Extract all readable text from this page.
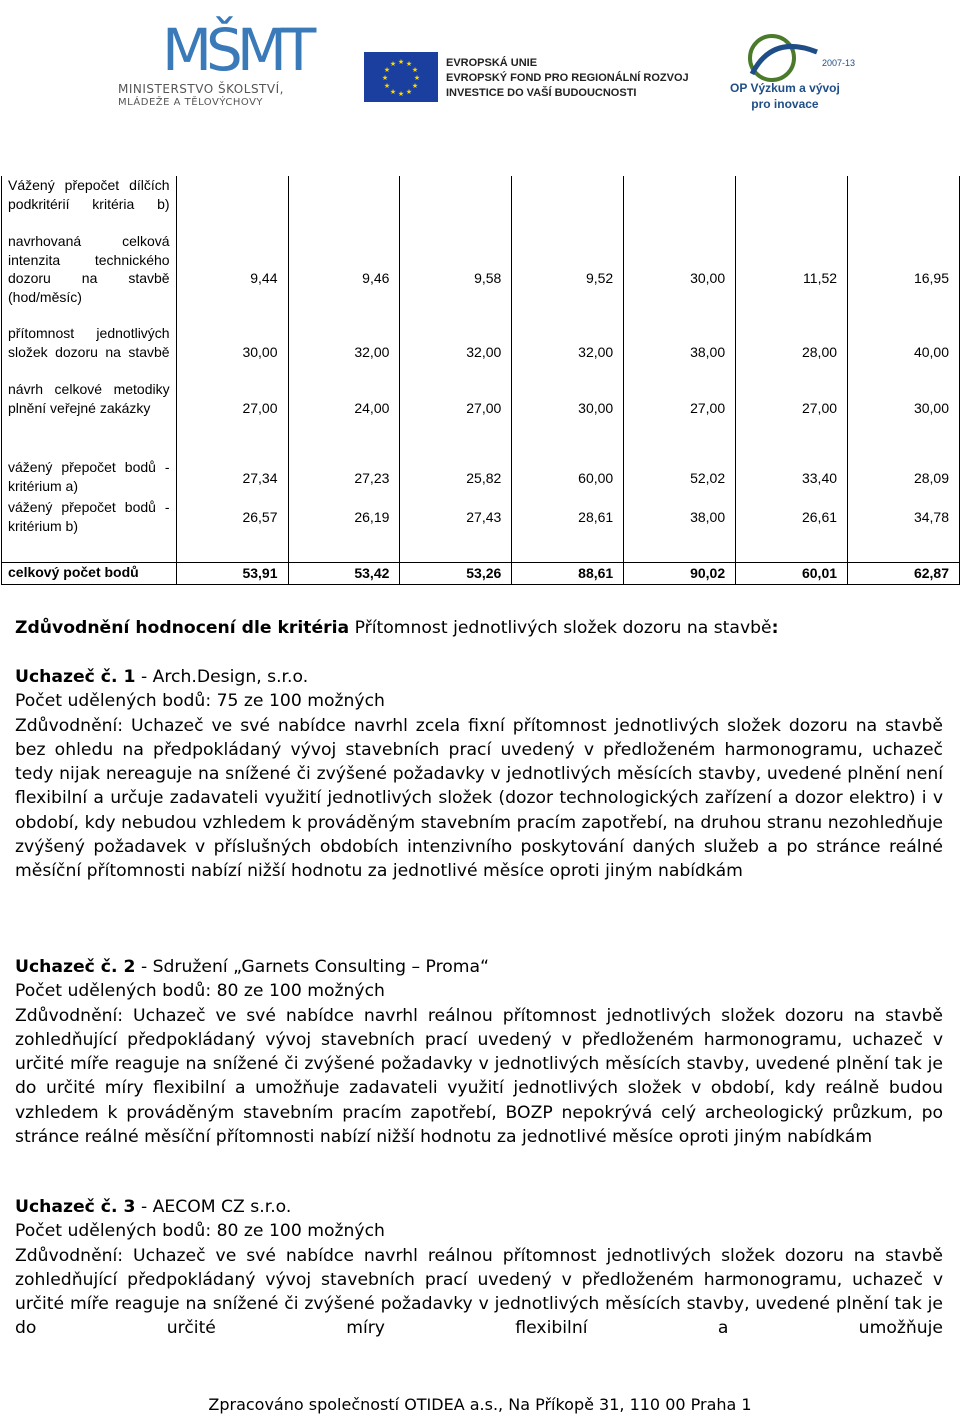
MŠMT
MINISTERSTVO ŠKOLSTVÍ,
MLÁDEŽE A TĚLOVÝCHOVY
★ ★
★
★
★
★
★
★
★
★
★
★	EVROPSKÁ UNIE
EVROPSKÝ FOND PRO REGIONÁLNÍ ROZVOJ
INVESTICE DO VAŠÍ BUDOUCNOSTI
2007-13
OP Výzkum a vývoj
pro inovace
Vážený přepočet dílčích podkritérií kritéria b)							
navrhovaná celková intenzita technického dozoru na stavbě (hod/měsíc)	9,44	9,46	9,58	9,52	30,00	11,52	16,95
přítomnost jednotlivých složek dozoru na stavbě	30,00	32,00	32,00	32,00	38,00	28,00	40,00
návrh celkové metodiky plnění veřejné zakázky	27,00	24,00	27,00	30,00	27,00	27,00	30,00

vážený přepočet bodů - kritérium a)	27,34	27,23	25,82	60,00	52,02	33,40	28,09
vážený přepočet bodů - kritérium b)	26,57	26,19	27,43	28,61	38,00	26,61	34,78

celkový počet bodů	53,91	53,42	53,26	88,61	90,02	60,01	62,87
Zdůvodnění hodnocení dle kritéria Přítomnost jednotlivých složek dozoru na stavbě:
Uchazeč č. 1 - Arch.Design, s.r.o.
Počet udělených bodů: 75 ze 100 možných
Zdůvodnění: Uchazeč ve své nabídce navrhl zcela fixní přítomnost jednotlivých složek dozoru na stavbě bez ohledu na předpokládaný vývoj stavebních prací uvedený v předloženém harmonogramu, uchazeč tedy nijak nereaguje na snížené či zvýšené požadavky v jednotlivých měsících stavby, uvedené plnění není flexibilní a určuje zadavateli využití jednotlivých složek (dozor technologických zařízení a dozor elektro) i v období, kdy nebudou vzhledem k prováděným stavebním pracím zapotřebí, na druhou stranu nezohledňuje zvýšený požadavek v příslušných obdobích intenzivního poskytování daných služeb a po stránce reálné měsíční přítomnosti nabízí nižší hodnotu za jednotlivé měsíce oproti jiným nabídkám
Uchazeč č. 2 - Sdružení „Garnets Consulting – Proma“
Počet udělených bodů: 80 ze 100 možných
Zdůvodnění: Uchazeč ve své nabídce navrhl reálnou přítomnost jednotlivých složek dozoru na stavbě zohledňující předpokládaný vývoj stavebních prací uvedený v předloženém harmonogramu, uchazeč v určité míře reaguje na snížené či zvýšené požadavky v jednotlivých měsících stavby, uvedené plnění tak je do určité míry flexibilní a umožňuje zadavateli využití jednotlivých složek v období, kdy reálně budou vzhledem k prováděným stavebním pracím zapotřebí, BOZP nepokrývá celý archeologický průzkum, po stránce reálné měsíční přítomnosti nabízí nižší hodnotu za jednotlivé měsíce oproti jiným nabídkám
Uchazeč č. 3 - AECOM CZ s.r.o.
Počet udělených bodů: 80 ze 100 možných
Zdůvodnění: Uchazeč ve své nabídce navrhl reálnou přítomnost jednotlivých složek dozoru na stavbě zohledňující předpokládaný vývoj stavebních prací uvedený v předloženém harmonogramu, uchazeč v určité míře reaguje na snížené či zvýšené požadavky v jednotlivých měsících stavby, uvedené plnění tak je do určité míry flexibilní a umožňuje
Zpracováno společností OTIDEA a.s., Na Příkopě 31, 110 00 Praha 1
